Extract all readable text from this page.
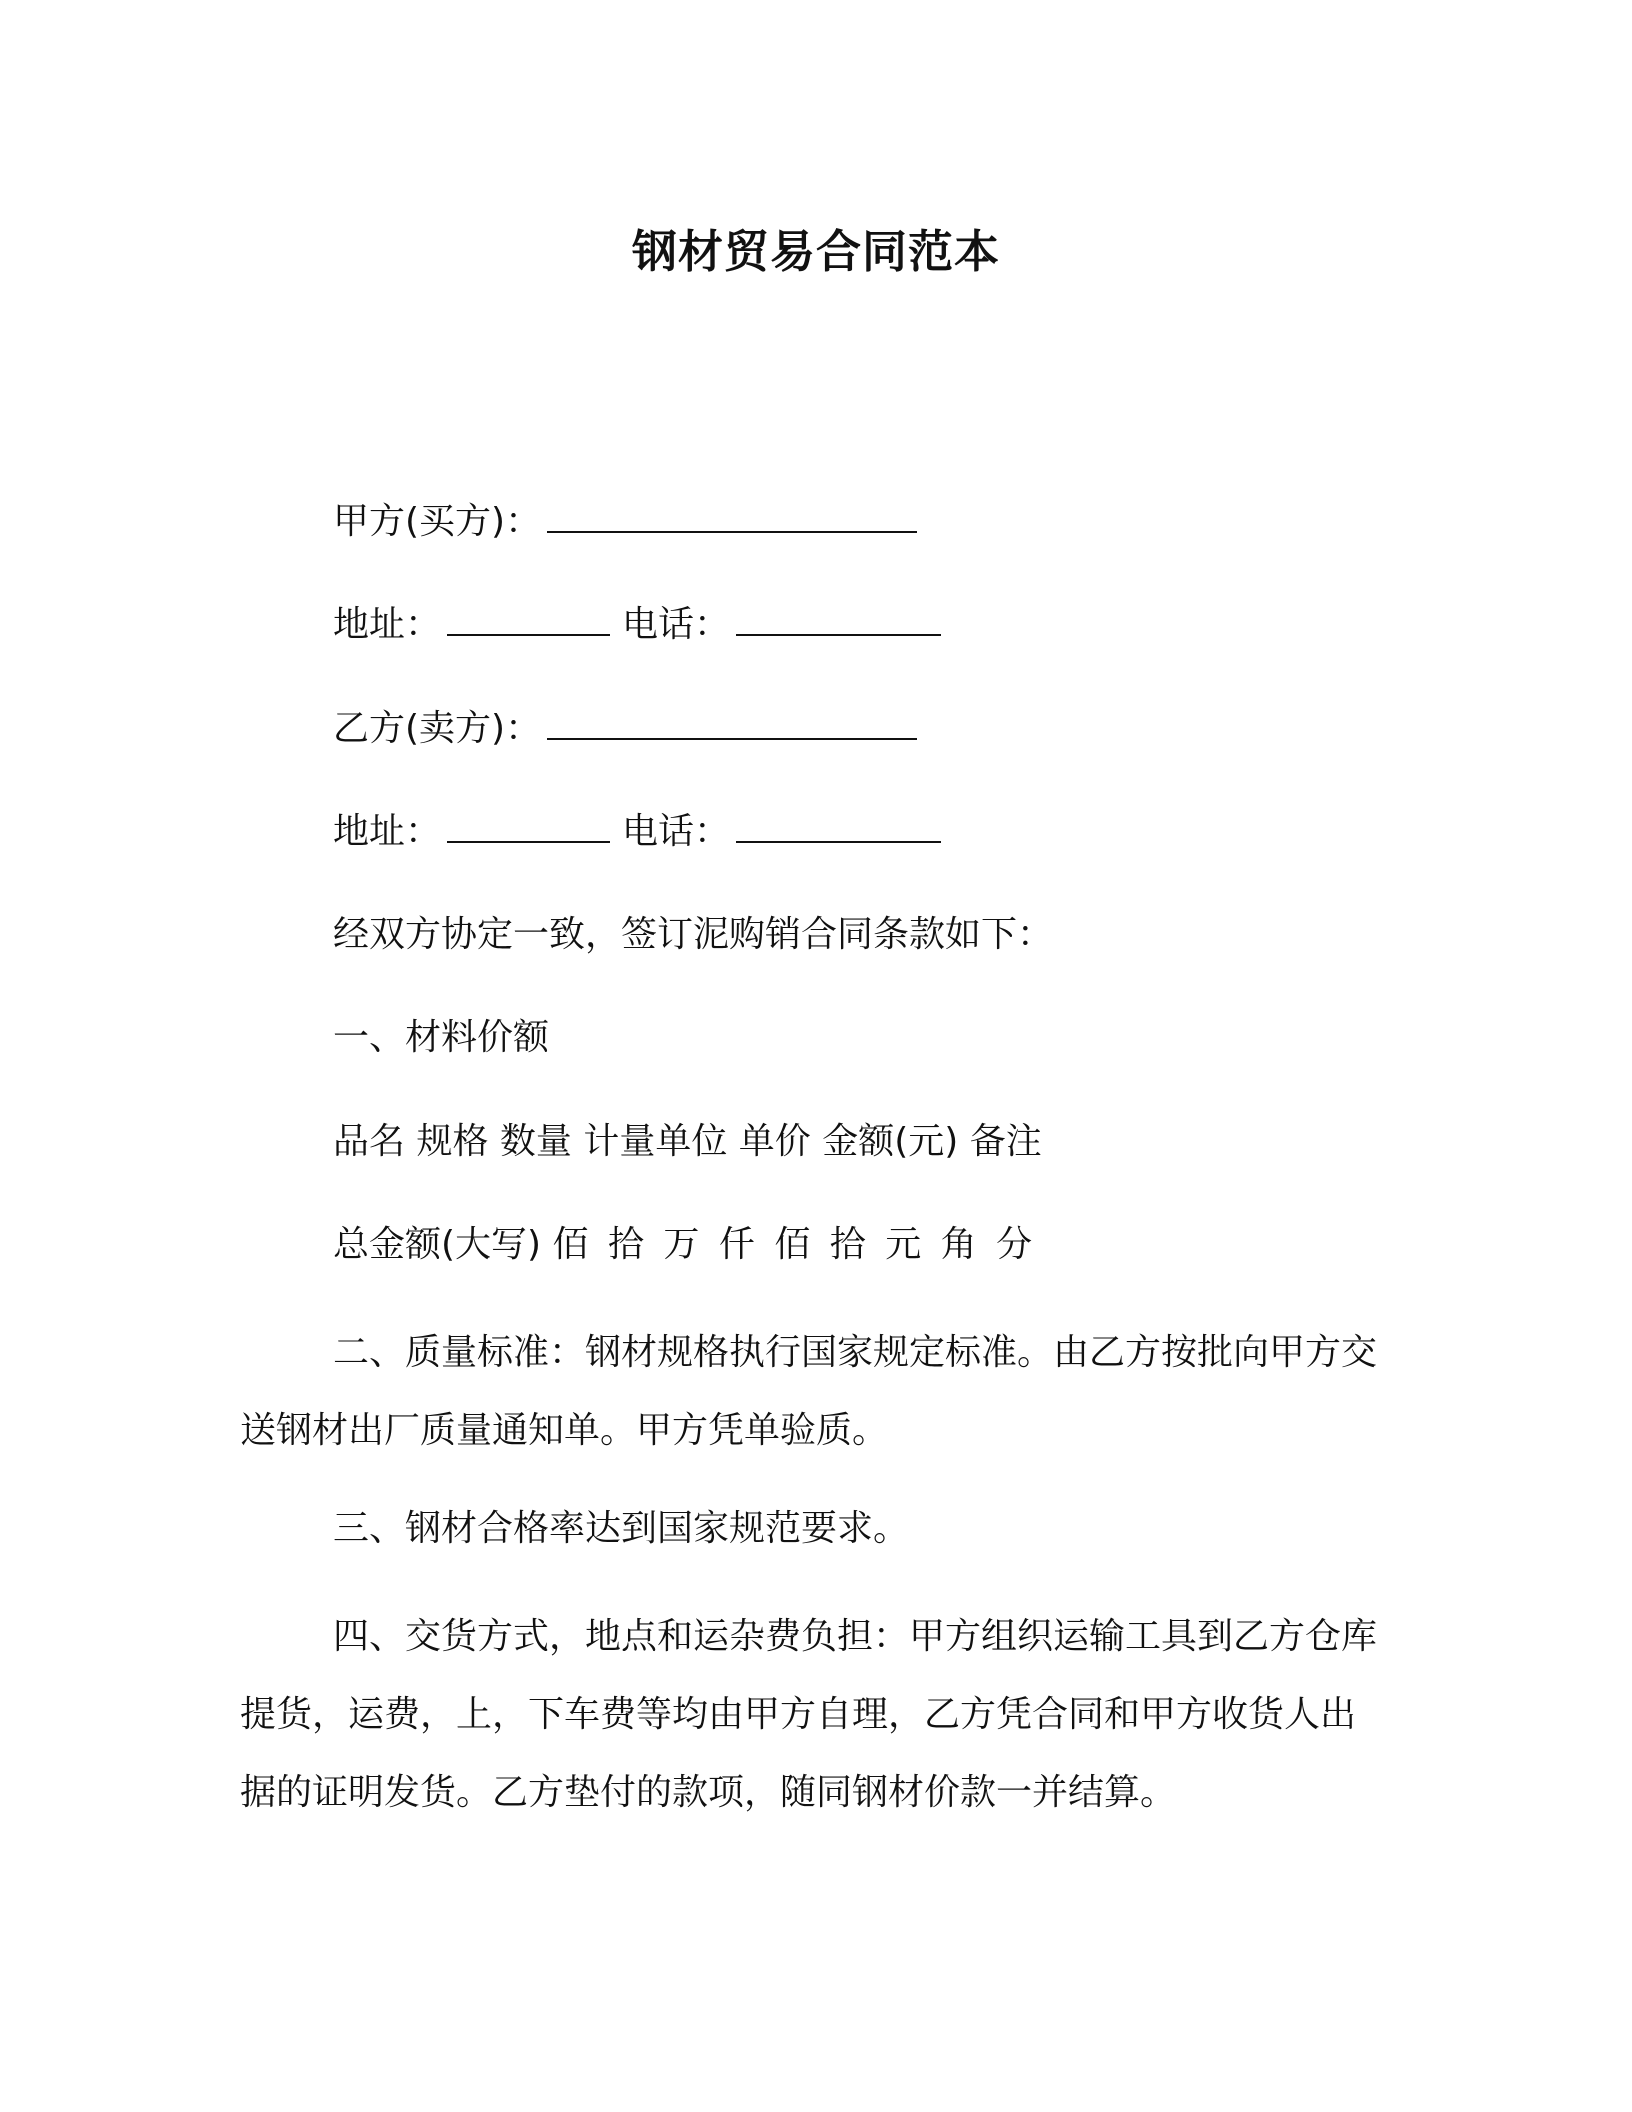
钢材贸易合同范本
甲方(买方)：
地址：	电话：
乙方(卖方)：
地址：	电话：
经双方协定一致，签订泥购销合同条款如下：
一、材料价额
品名 规格 数量 计量单位 单价 金额(元) 备注
总金额(大写) 佰 拾 万 仟 佰 拾 元 角 分
二、质量标准：钢材规格执行国家规定标准。由乙方按批向甲方交送钢材出厂质量通知单。甲方凭单验质。
三、钢材合格率达到国家规范要求。
四、交货方式，地点和运杂费负担：甲方组织运输工具到乙方仓库提货，运费，上，下车费等均由甲方自理，乙方凭合同和甲方收货人出据的证明发货。乙方垫付的款项，随同钢材价款一并结算。
